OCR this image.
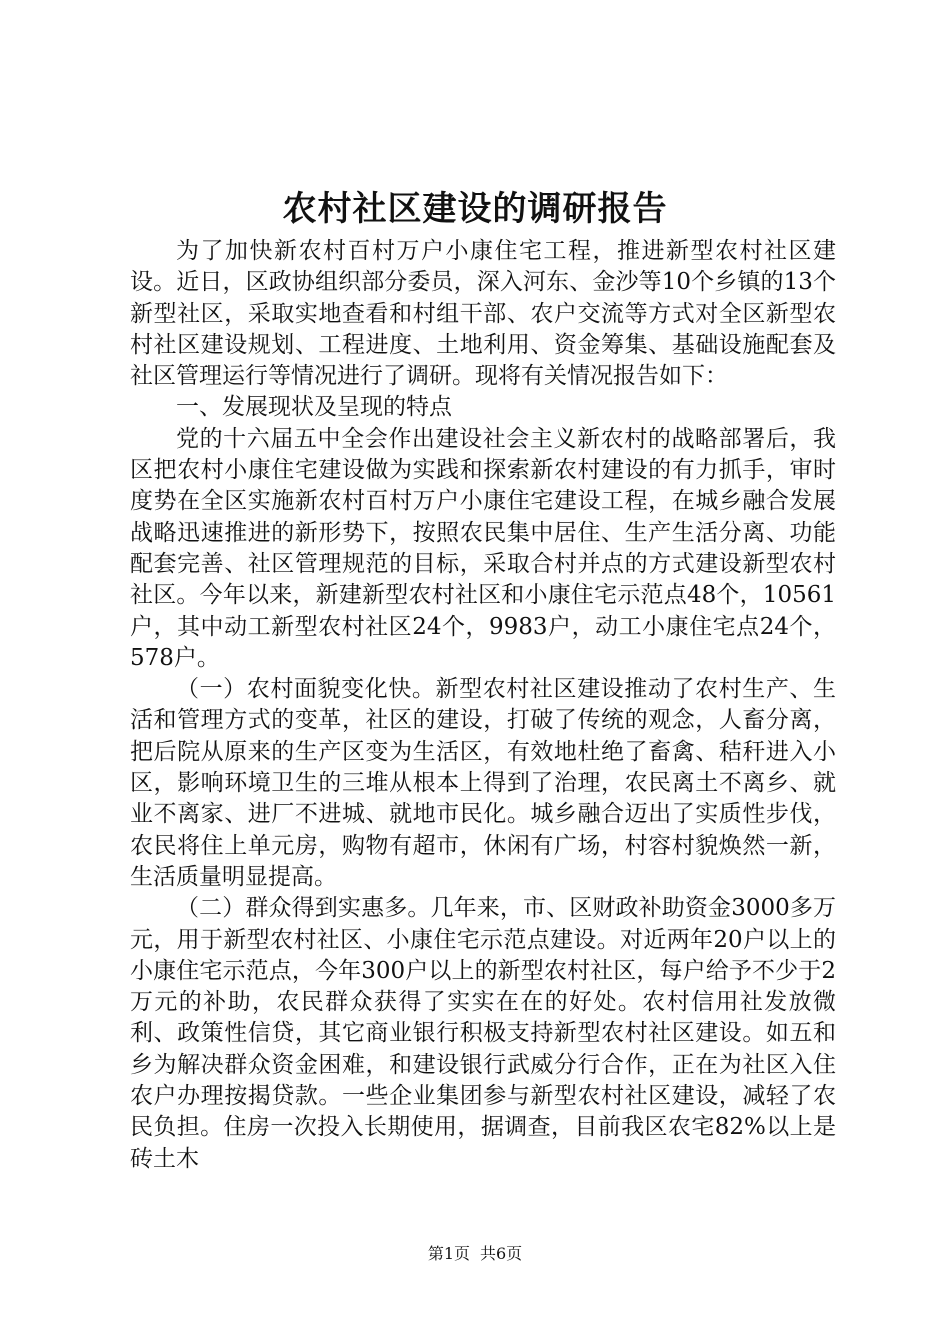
农村社区建设的调研报告

为了加快新农村百村万户小康住宅工程，推进新型农村社区建设。近日，区政协组织部分委员，深入河东、金沙等10个乡镇的13个新型社区，采取实地查看和村组干部、农户交流等方式对全区新型农村社区建设规划、工程进度、土地利用、资金筹集、基础设施配套及社区管理运行等情况进行了调研。现将有关情况报告如下：

一、发展现状及呈现的特点

党的十六届五中全会作出建设社会主义新农村的战略部署后，我区把农村小康住宅建设做为实践和探索新农村建设的有力抓手，审时度势在全区实施新农村百村万户小康住宅建设工程，在城乡融合发展战略迅速推进的新形势下，按照农民集中居住、生产生活分离、功能配套完善、社区管理规范的目标，采取合村并点的方式建设新型农村社区。今年以来，新建新型农村社区和小康住宅示范点48个，10561户，其中动工新型农村社区24个，9983户，动工小康住宅点24个，578户。

（一）农村面貌变化快。新型农村社区建设推动了农村生产、生活和管理方式的变革，社区的建设，打破了传统的观念，人畜分离，把后院从原来的生产区变为生活区，有效地杜绝了畜禽、秸秆进入小区，影响环境卫生的三堆从根本上得到了治理，农民离土不离乡、就业不离家、进厂不进城、就地市民化。城乡融合迈出了实质性步伐，农民将住上单元房，购物有超市，休闲有广场，村容村貌焕然一新，生活质量明显提高。

（二）群众得到实惠多。几年来，市、区财政补助资金3000多万元，用于新型农村社区、小康住宅示范点建设。对近两年20户以上的小康住宅示范点，今年300户以上的新型农村社区，每户给予不少于2万元的补助，农民群众获得了实实在在的好处。农村信用社发放微利、政策性信贷，其它商业银行积极支持新型农村社区建设。如五和乡为解决群众资金困难，和建设银行武威分行合作，正在为社区入住农户办理按揭贷款。一些企业集团参与新型农村社区建设，减轻了农民负担。住房一次投入长期使用，据调查，目前我区农宅82%以上是砖土木

第1页 共6页
